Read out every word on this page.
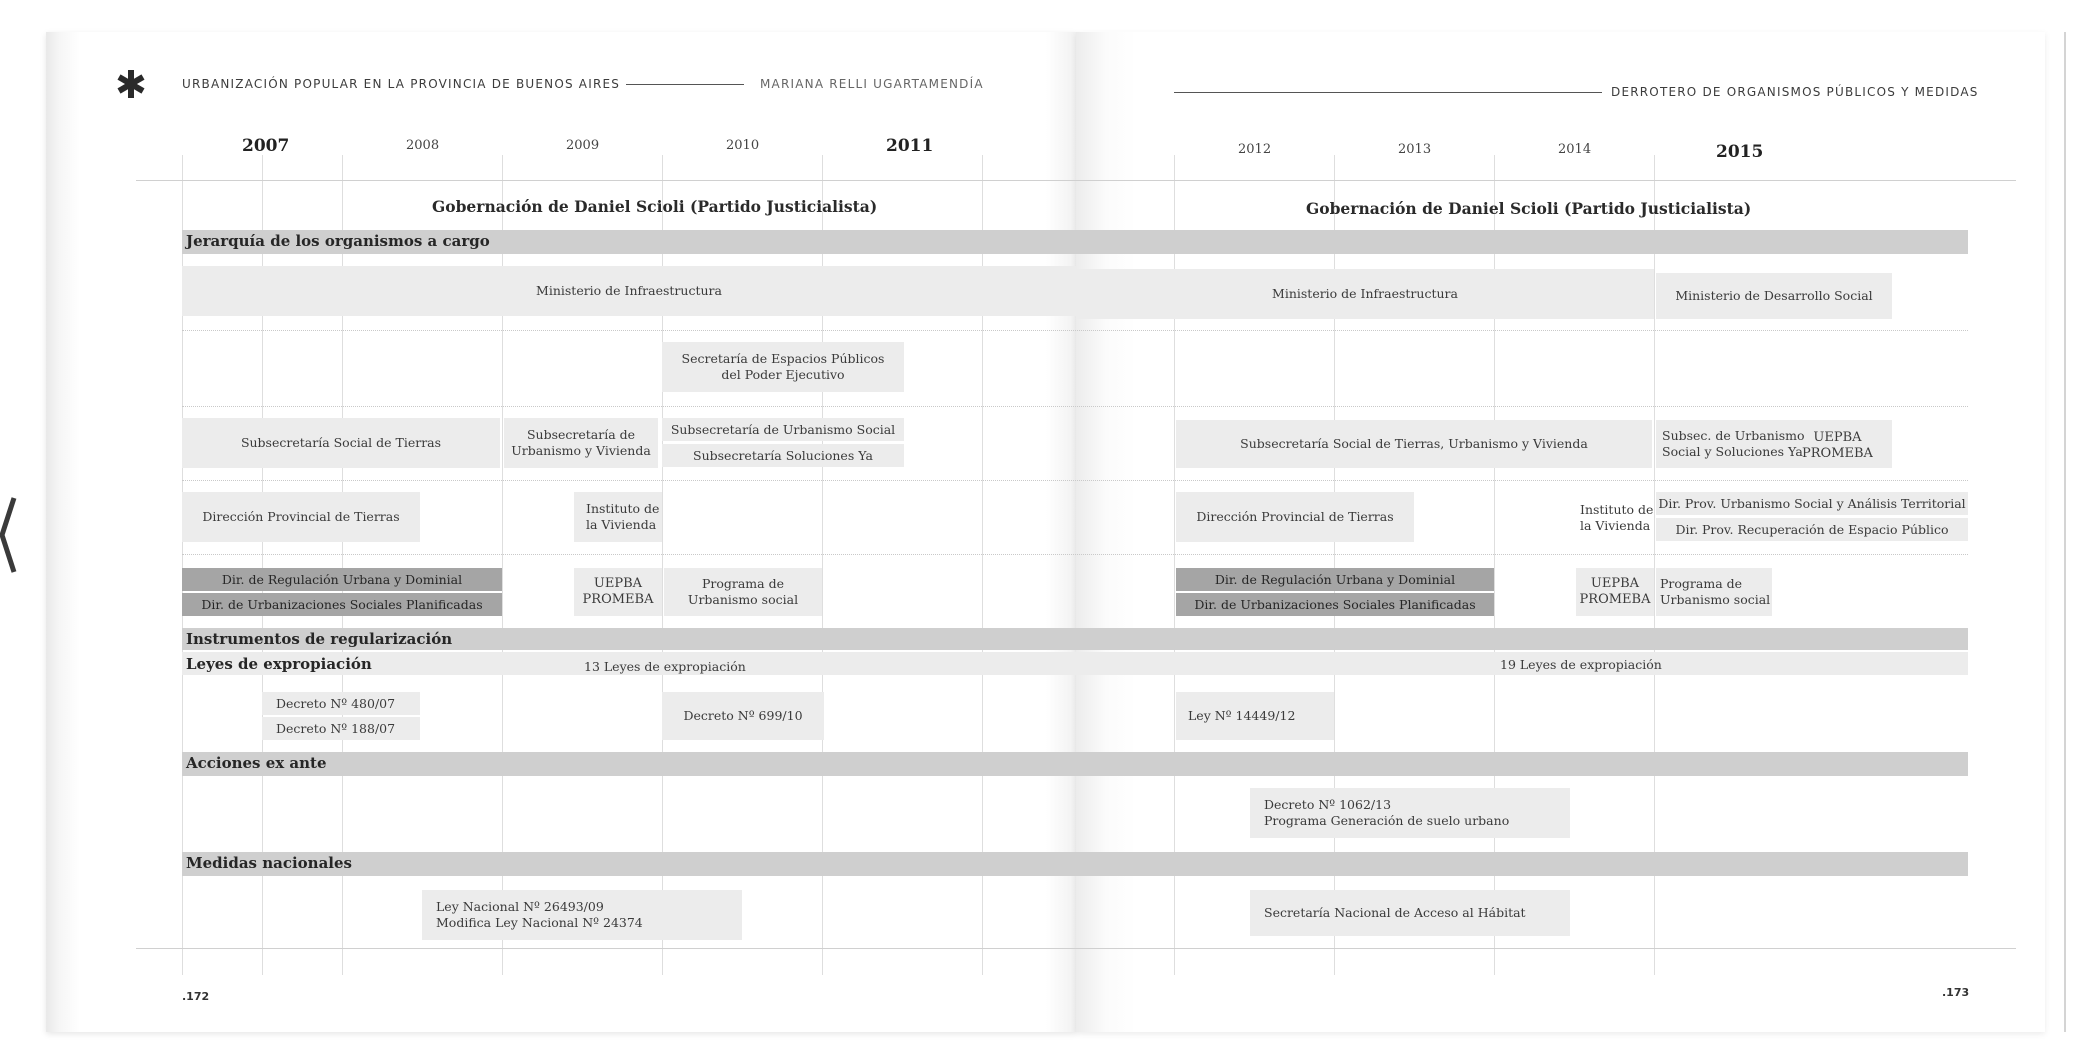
URBANIZACIÓN POPULAR EN LA PROVINCIA DE BUENOS AIRES	MARIANA RELLI UGARTAMENDÍA
DERROTERO DE ORGANISMOS PÚBLICOS Y MEDIDAS
2007	2008	2009	2010	2011	2012	2013	2014	2015
Gobernación de Daniel Scioli (Partido Justicialista)	Gobernación de Daniel Scioli (Partido Justicialista)
Jerarquía de los organismos a cargo
Instrumentos de regularización
Leyes de expropiación	13 Leyes de expropiación	19 Leyes de expropiación
Acciones ex ante
Medidas nacionales
Ministerio de Infraestructura	Ministerio de Infraestructura	Ministerio de Desarrollo Social
Secretaría de Espacios Públicos
del Poder Ejecutivo
Subsecretaría Social de Tierras
Subsecretaría de
Urbanismo y Vivienda
Subsecretaría de Urbanismo Social
Subsecretaría Soluciones Ya
Subsecretaría Social de Tierras, Urbanismo y Vivienda
Subsec. de Urbanismo
Social y Soluciones Ya
UEPBA
PROMEBA
Dirección Provincial de Tierras
Instituto de
la Vivienda
Dirección Provincial de Tierras	Instituto de
la Vivienda
Dir. Prov. Urbanismo Social y Análisis Territorial
Dir. Prov. Recuperación de Espacio Público
Dir. de Regulación Urbana y Dominial
Dir. de Urbanizaciones Sociales Planificadas
UEPBA
PROMEBA
Programa de
Urbanismo social
Dir. de Regulación Urbana y Dominial
Dir. de Urbanizaciones Sociales Planificadas
UEPBA
PROMEBA
Programa de
Urbanismo social
Decreto Nº 480/07
Decreto Nº 188/07
Decreto Nº 699/10	Ley Nº 14449/12
Decreto Nº 1062/13
Programa Generación de suelo urbano
Ley Nacional Nº 26493/09
Modifica Ley Nacional Nº 24374
Secretaría Nacional de Acceso al Hábitat
.172	.173
